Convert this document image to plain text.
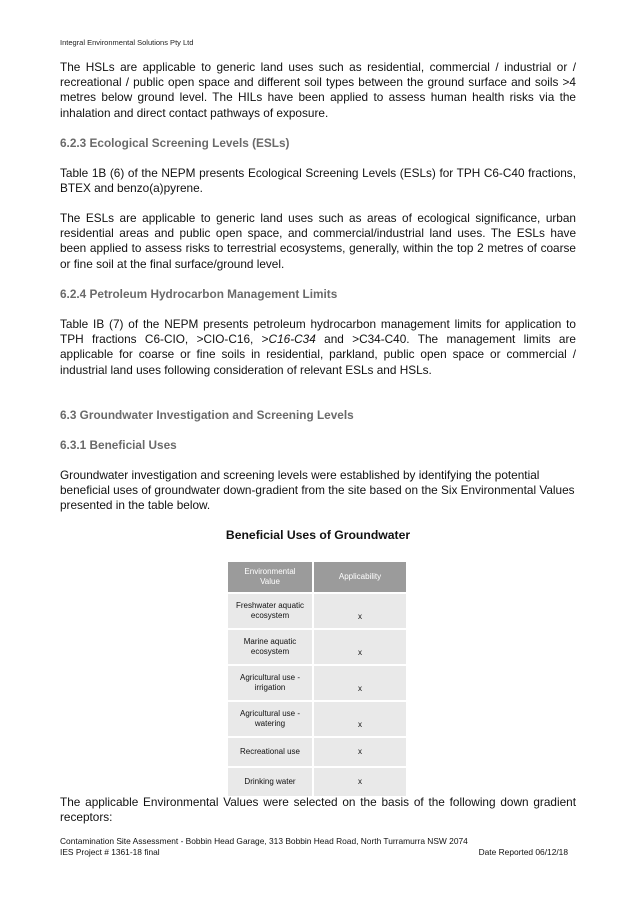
Integral Environmental Solutions Pty Ltd

The HSLs are applicable to generic land uses such as residential, commercial / industrial or / recreational / public open space and different soil types between the ground surface and soils >4 metres below ground level. The HILs have been applied to assess human health risks via the inhalation and direct contact pathways of exposure.

6.2.3 Ecological Screening Levels (ESLs)

Table 1B (6) of the NEPM presents Ecological Screening Levels (ESLs) for TPH C6-C40 fractions, BTEX and benzo(a)pyrene.

The ESLs are applicable to generic land uses such as areas of ecological significance, urban residential areas and public open space, and commercial/industrial land uses. The ESLs have been applied to assess risks to terrestrial ecosystems, generally, within the top 2 metres of coarse or fine soil at the final surface/ground level.

6.2.4 Petroleum Hydrocarbon Management Limits

Table IB (7) of the NEPM presents petroleum hydrocarbon management limits for application to TPH fractions C6-CIO, >CIO-C16, >C16-C34 and >C34-C40. The management limits are applicable for coarse or fine soils in residential, parkland, public open space or commercial / industrial land uses following consideration of relevant ESLs and HSLs.

6.3 Groundwater Investigation and Screening Levels

6.3.1 Beneficial Uses

Groundwater investigation and screening levels were established by identifying the potential beneficial uses of groundwater down-gradient from the site based on the Six Environmental Values presented in the table below.

Beneficial Uses of Groundwater
Environmental Value	Applicability
Freshwater aquatic ecosystem	x
Marine aquatic ecosystem	x
Agricultural use - irrigation	x
Agricultural use - watering	x
Recreational use	x
Drinking water	x

The applicable Environmental Values were selected on the basis of the following down gradient receptors:

Contamination Site Assessment - Bobbin Head Garage, 313 Bobbin Head Road, North Turramurra NSW 2074
IES Project # 1361-18 final	Date Reported 06/12/18
